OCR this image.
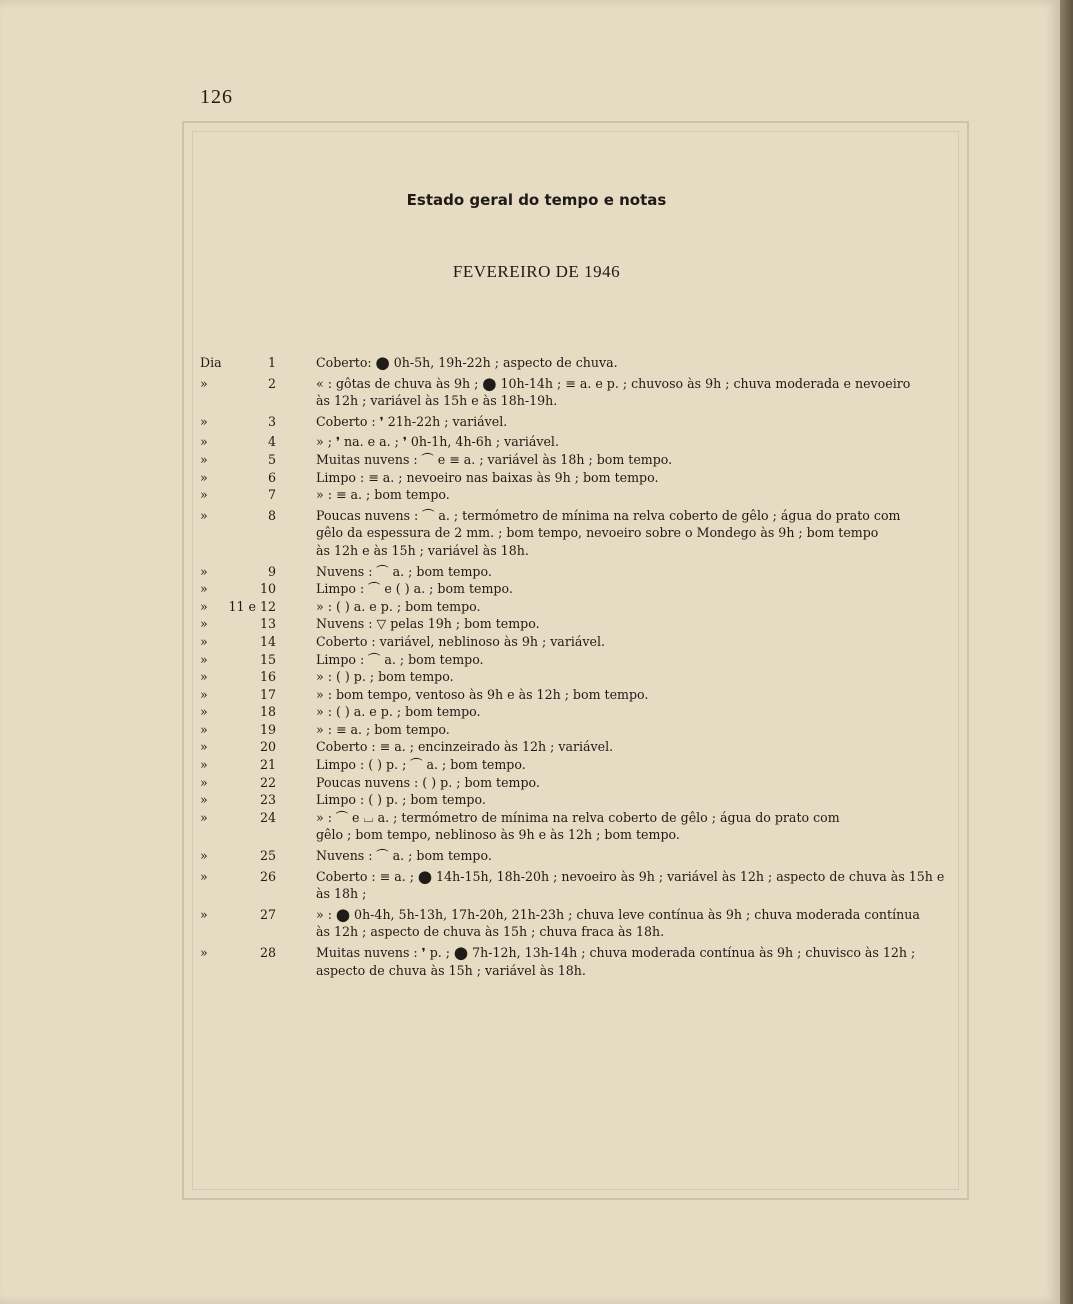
126
Estado geral do tempo e notas
FEVEREIRO DE 1946
Dia	1	Coberto: ⬤ 0h-5h, 19h-22h ; aspecto de chuva.
»	2	« : gôtas de chuva às 9h ; ⬤ 10h-14h ; ≡ a. e p. ; chuvoso às 9h ; chuva moderada e nevoeiro
às 12h ; variável às 15h e às 18h-19h.
»	3	Coberto : ❜ 21h-22h ; variável.
»	4	» ; ❜ na. e a. ; ❜ 0h-1h, 4h-6h ; variável.
»	5	Muitas nuvens : ⏜ e ≡ a. ; variável às 18h ; bom tempo.
»	6	Limpo : ≡ a. ; nevoeiro nas baixas às 9h ; bom tempo.
»	7	» : ≡ a. ; bom tempo.
»	8	Poucas nuvens : ⏜ a. ; termómetro de mínima na relva coberto de gêlo ; água do prato com
gêlo da espessura de 2 mm. ; bom tempo, nevoeiro sobre o Mondego às 9h ; bom tempo
às 12h e às 15h ; variável às 18h.
»	9	Nuvens : ⏜ a. ; bom tempo.
»	10	Limpo : ⏜ e ( ) a. ; bom tempo.
»	11 e 12	» : ( ) a. e p. ; bom tempo.
»	13	Nuvens : ▽ pelas 19h ; bom tempo.
»	14	Coberto : variável, neblinoso às 9h ; variável.
»	15	Limpo : ⏜ a. ; bom tempo.
»	16	» : ( ) p. ; bom tempo.
»	17	» : bom tempo, ventoso às 9h e às 12h ; bom tempo.
»	18	» : ( ) a. e p. ; bom tempo.
»	19	» : ≡ a. ; bom tempo.
»	20	Coberto : ≡ a. ; encinzeirado às 12h ; variável.
»	21	Limpo : ( ) p. ; ⏜ a. ; bom tempo.
»	22	Poucas nuvens : ( ) p. ; bom tempo.
»	23	Limpo : ( ) p. ; bom tempo.
»	24	» : ⏜ e ⌴ a. ; termómetro de mínima na relva coberto de gêlo ; água do prato com
gêlo ; bom tempo, neblinoso às 9h e às 12h ; bom tempo.
»	25	Nuvens : ⏜ a. ; bom tempo.
»	26	Coberto : ≡ a. ; ⬤ 14h-15h, 18h-20h ; nevoeiro às 9h ; variável às 12h ; aspecto de chuva às 15h e
às 18h ;
»	27	» : ⬤ 0h-4h, 5h-13h, 17h-20h, 21h-23h ; chuva leve contínua às 9h ; chuva moderada contínua
às 12h ; aspecto de chuva às 15h ; chuva fraca às 18h.
»	28	Muitas nuvens : ❜ p. ; ⬤ 7h-12h, 13h-14h ; chuva moderada contínua às 9h ; chuvisco às 12h ;
aspecto de chuva às 15h ; variável às 18h.
